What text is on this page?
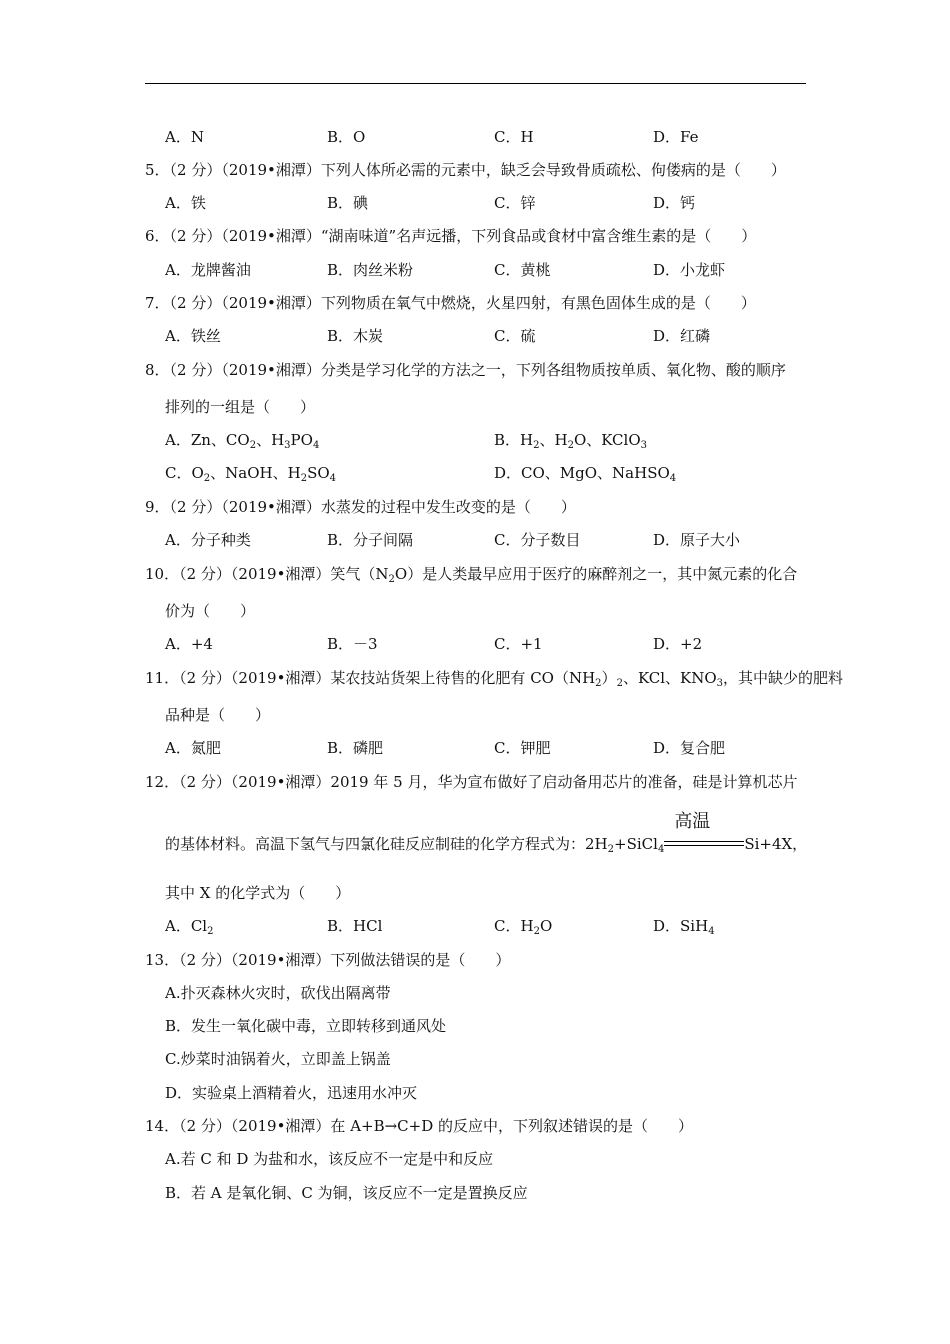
A．N	B．O	C．H	D．Fe
5．（2 分）（2019•湘潭）下列人体所必需的元素中，缺乏会导致骨质疏松、佝偻病的是（　　）
A．铁	B．碘	C．锌	D．钙
6．（2 分）（2019•湘潭）“湖南味道”名声远播，下列食品或食材中富含维生素的是（　　）
A．龙牌酱油	B．肉丝米粉	C．黄桃	D．小龙虾
7．（2 分）（2019•湘潭）下列物质在氧气中燃烧，火星四射，有黑色固体生成的是（　　）
A．铁丝	B．木炭	C．硫	D．红磷
8．（2 分）（2019•湘潭）分类是学习化学的方法之一，下列各组物质按单质、氧化物、酸的顺序
排列的一组是（　　）
A．Zn、$CO_2$、$H_3PO_4$	B．$H_2$、$H_2O$、KClO$_3$
C．$O_2$、NaOH、$H_2SO_4$	D．CO、MgO、NaHSO$_4$
9．（2 分）（2019•湘潭）水蒸发的过程中发生改变的是（　　）
A．分子种类	B．分子间隔	C．分子数目	D．原子大小
10．（2 分）（2019•湘潭）笑气$(N_2O)$是人类最早应用于医疗的麻醉剂之一，其中氮元素的化合
价为（　　）
A．+4	B．－3	C．+1	D．+2
11．（2 分）（2019•湘潭）某农技站货架上待售的化肥有 $CO(NH_2)_2$、KCl、$KNO_3$，其中缺少的肥料
品种是（　　）
A．氮肥	B．磷肥	C．钾肥	D．复合肥
12．（2 分）（2019•湘潭）2019 年 5 月，华为宣布做好了启动备用芯片的准备，硅是计算机芯片
的基体材料。高温下氢气与四氯化硅反应制硅的化学方程式为：$2H_2+SiCl_4$
高温
Si+4X，
其中 X 的化学式为（　　）
A．$Cl_2$	B．HCl	C．$H_2O$	D．SiH$_4$
13．（2 分）（2019•湘潭）下列做法错误的是（　　）
A.扑灭森林火灾时，砍伐出隔离带
B．发生一氧化碳中毒，立即转移到通风处
C.炒菜时油锅着火，立即盖上锅盖
D．实验桌上酒精着火，迅速用水冲灭
14．（2 分）（2019•湘潭）在 A+B→C+D 的反应中，下列叙述错误的是（　　）
A.若 C 和 D 为盐和水，该反应不一定是中和反应
B．若 A 是氧化铜、C 为铜，该反应不一定是置换反应
